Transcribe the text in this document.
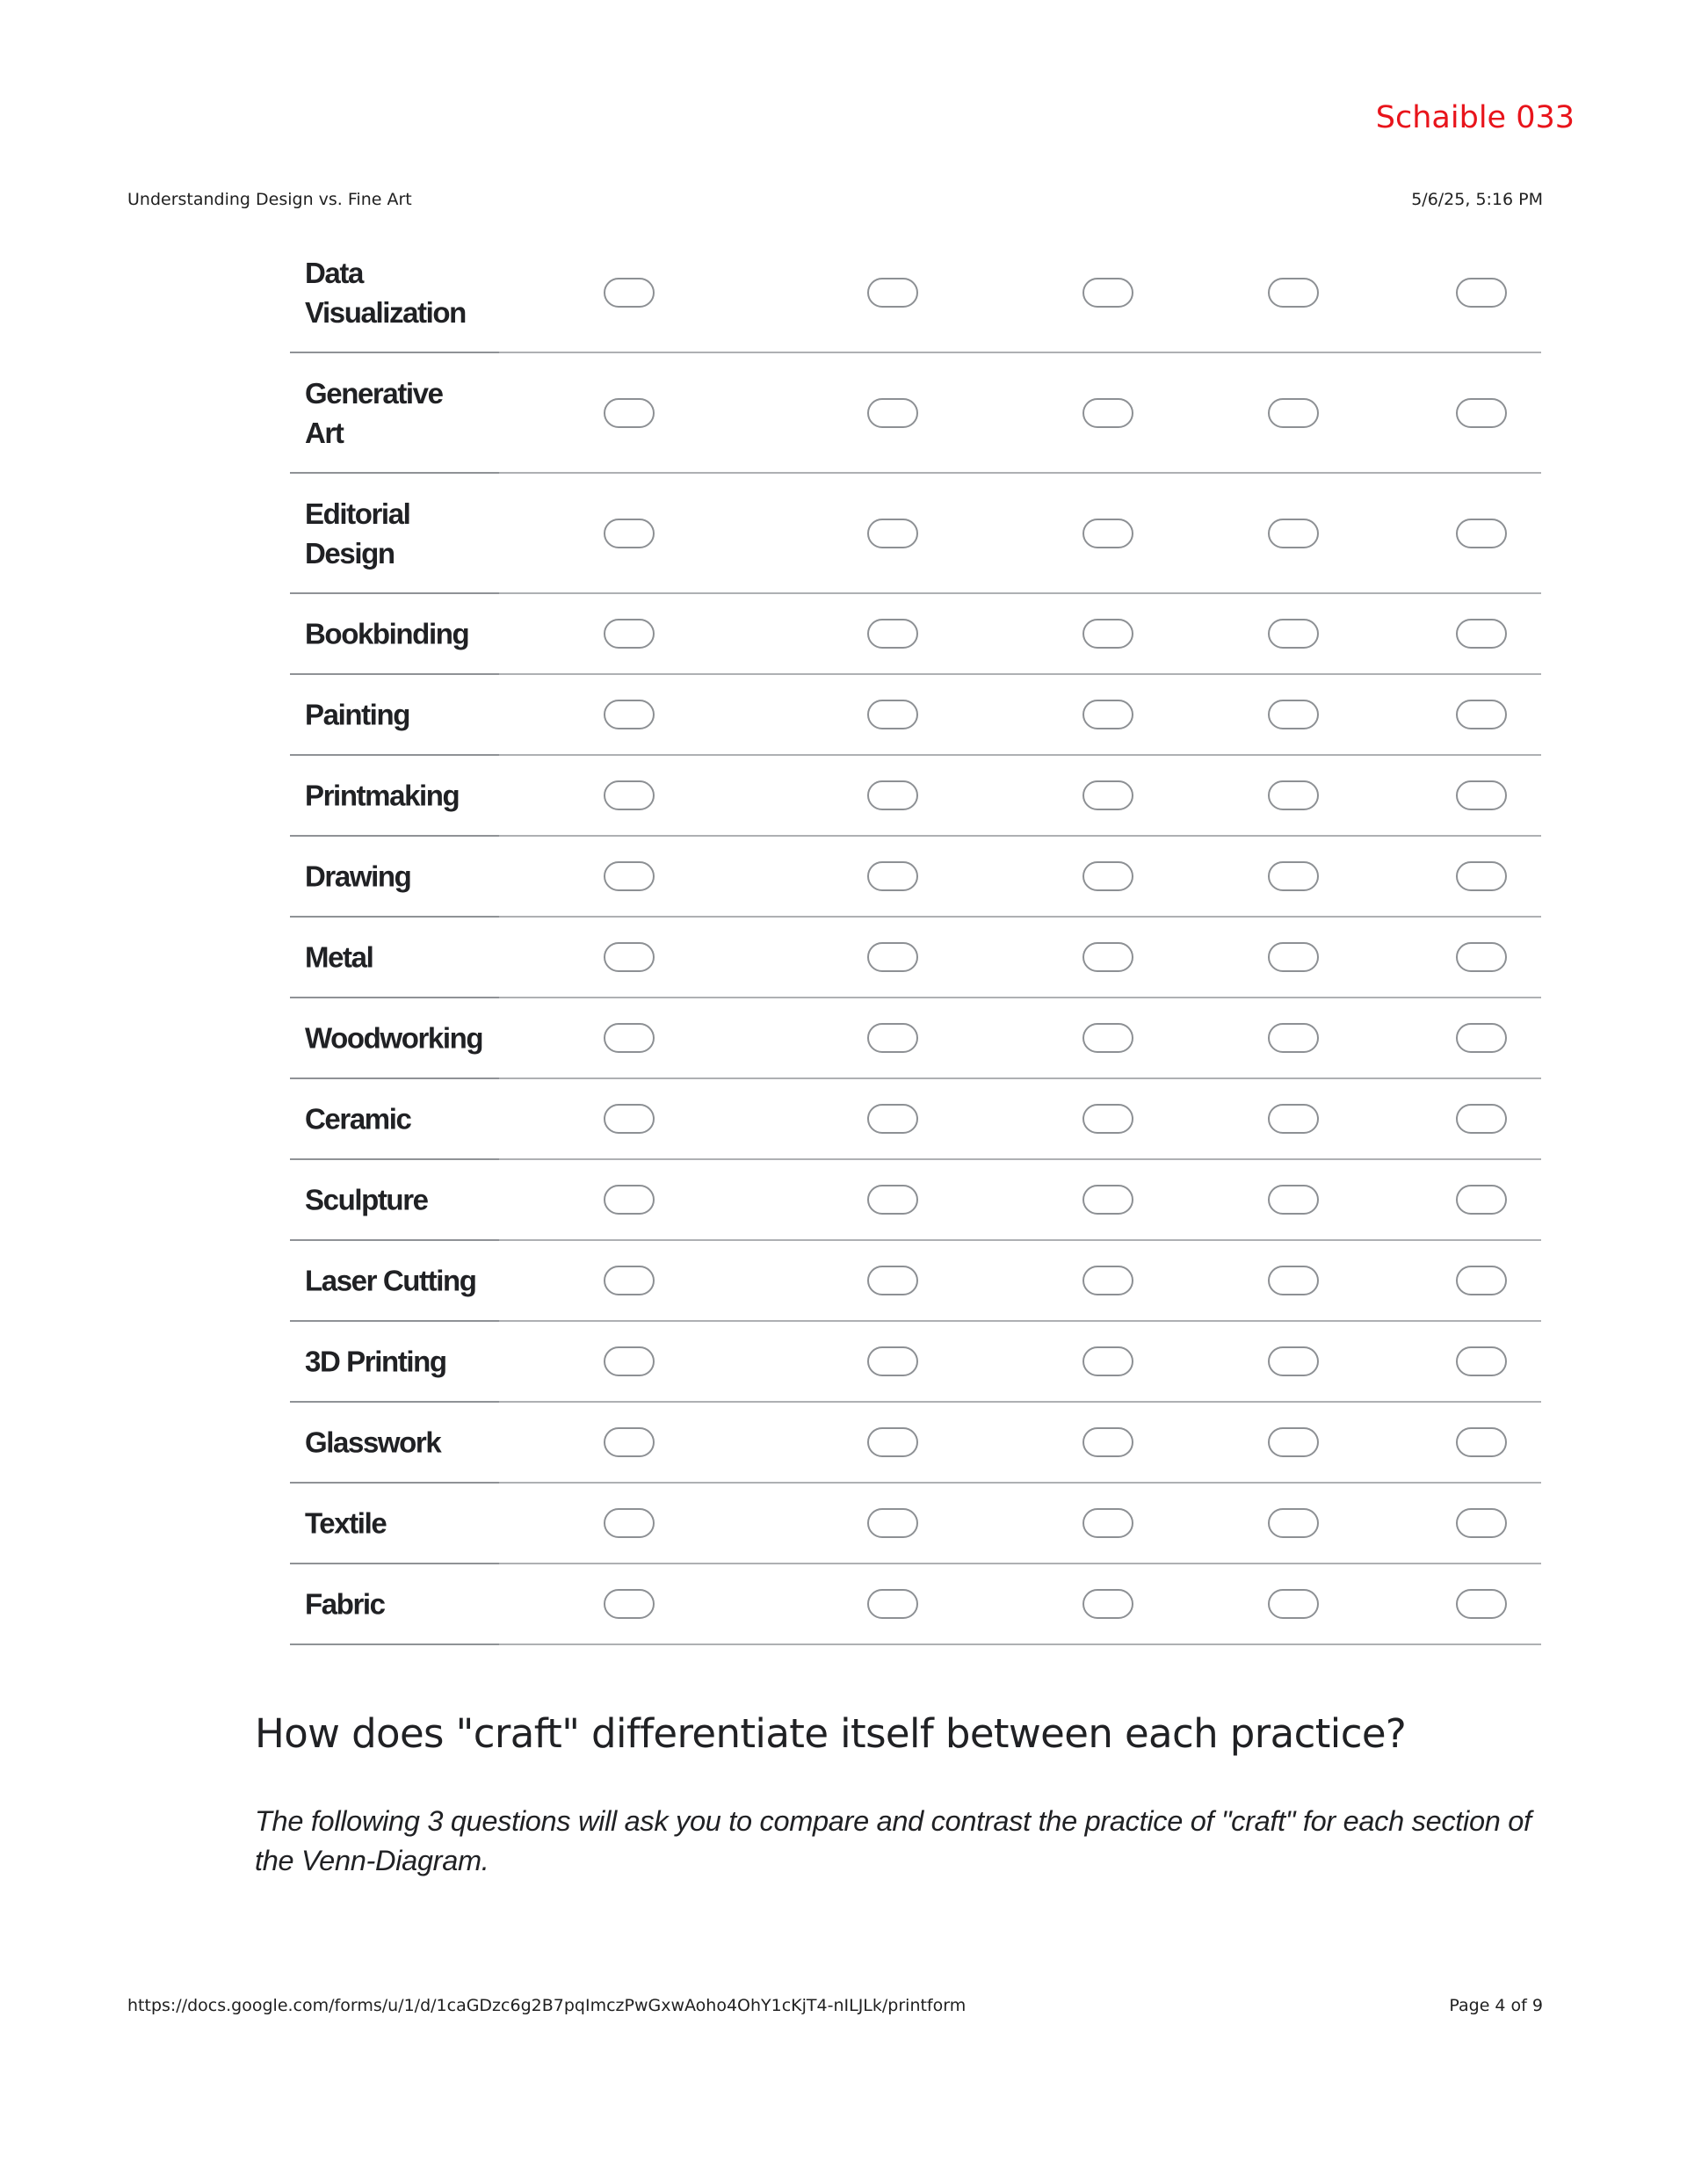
Schaible 033
Understanding Design vs. Fine Art	5/6/25, 5:16 PM
Data Visualization
Generative Art
Editorial Design
Bookbinding
Painting
Printmaking
Drawing
Metal
Woodworking
Ceramic
Sculpture
Laser Cutting
3D Printing
Glasswork
Textile
Fabric
How does "craft" differentiate itself between each practice?
The following 3 questions will ask you to compare and contrast the practice of "craft" for each section of the Venn-Diagram.
https://docs.google.com/forms/u/1/d/1caGDzc6g2B7pqImczPwGxwAoho4OhY1cKjT4-nILJLk/printform	Page 4 of 9
